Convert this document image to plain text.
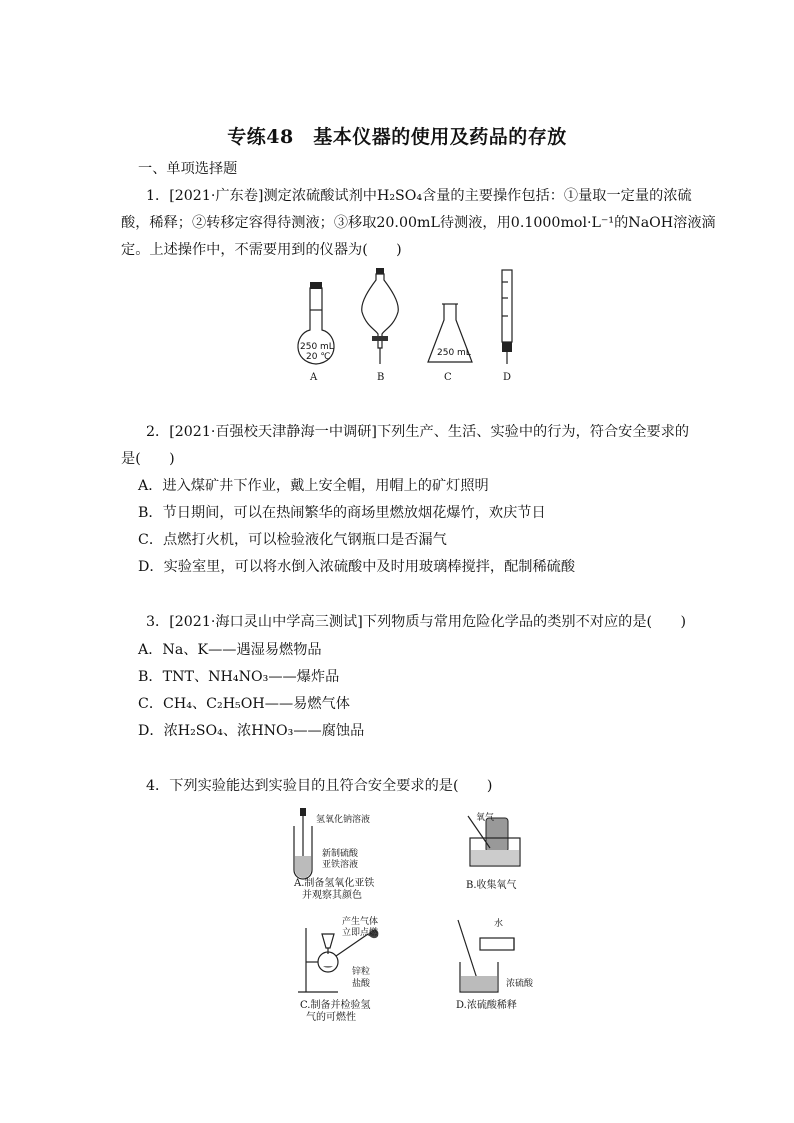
专练48　基本仪器的使用及药品的存放
一、单项选择题
1．[2021·广东卷]测定浓硫酸试剂中H₂SO₄含量的主要操作包括：①量取一定量的浓硫
酸，稀释；②转移定容得待测液；③移取20.00mL待测液，用0.1000mol·L⁻¹的NaOH溶液滴
定。上述操作中，不需要用到的仪器为(　　)
250 mL
20 ℃
A	B
250 mL
C	D
2．[2021·百强校天津静海一中调研]下列生产、生活、实验中的行为，符合安全要求的
是(　　)
A．进入煤矿井下作业，戴上安全帽，用帽上的矿灯照明
B．节日期间，可以在热闹繁华的商场里燃放烟花爆竹，欢庆节日
C．点燃打火机，可以检验液化气钢瓶口是否漏气
D．实验室里，可以将水倒入浓硫酸中及时用玻璃棒搅拌，配制稀硫酸
3．[2021·海口灵山中学高三测试]下列物质与常用危险化学品的类别不对应的是(　　)
A．Na、K——遇湿易燃物品
B．TNT、NH₄NO₃——爆炸品
C．CH₄、C₂H₅OH——易燃气体
D．浓H₂SO₄、浓HNO₃——腐蚀品
4．下列实验能达到实验目的且符合安全要求的是(　　)
氢氧化钠溶液
新制硫酸
亚铁溶液
A.制备氢氧化亚铁
并观察其颜色
氧气
B.收集氧气
产生气体
立即点燃
锌粒
盐酸
C.制备并检验氢
气的可燃性
水
浓硫酸
D.浓硫酸稀释
